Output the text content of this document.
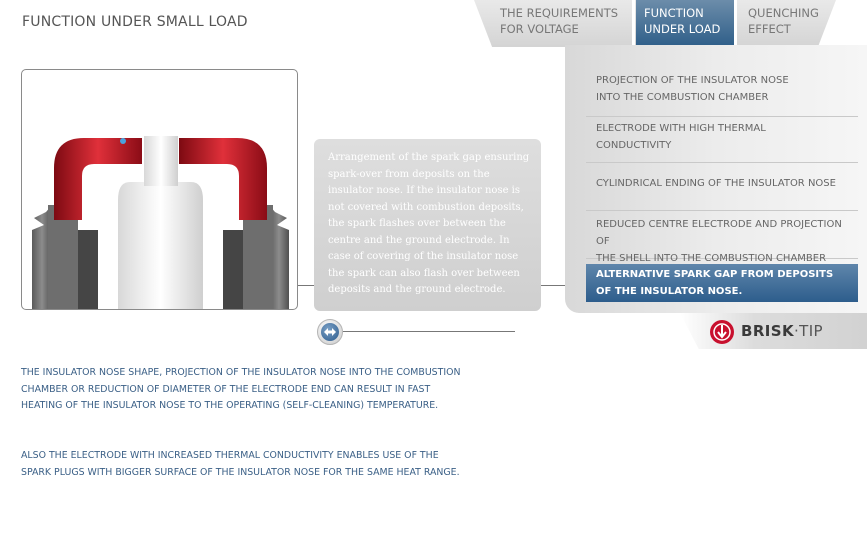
FUNCTION UNDER SMALL LOAD
THE REQUIREMENTS
FOR VOLTAGE
FUNCTION
UNDER LOAD
QUENCHING
EFFECT
Arrangement of the spark gap ensuring spark-over from deposits on the insulator nose. If the insulator nose is not covered with combustion deposits, the spark flashes over between the centre and the ground electrode. In case of covering of the insulator nose the spark can also flash over between deposits and the ground electrode.
PROJECTION OF THE INSULATOR NOSE
INTO THE COMBUSTION CHAMBER
ELECTRODE WITH HIGH THERMAL
CONDUCTIVITY
CYLINDRICAL ENDING OF THE INSULATOR NOSE
REDUCED CENTRE ELECTRODE AND PROJECTION OF
THE SHELL INTO THE COMBUSTION CHAMBER
ALTERNATIVE SPARK GAP FROM DEPOSITS
OF THE INSULATOR NOSE.
BRISK·TIP
THE INSULATOR NOSE SHAPE, PROJECTION OF THE INSULATOR NOSE INTO THE COMBUSTION CHAMBER OR REDUCTION OF DIAMETER OF THE ELECTRODE END CAN RESULT IN FAST HEATING OF THE INSULATOR NOSE TO THE OPERATING (SELF-CLEANING) TEMPERATURE.
ALSO THE ELECTRODE WITH INCREASED THERMAL CONDUCTIVITY ENABLES USE OF THE SPARK PLUGS WITH BIGGER SURFACE OF THE INSULATOR NOSE FOR THE SAME HEAT RANGE.
